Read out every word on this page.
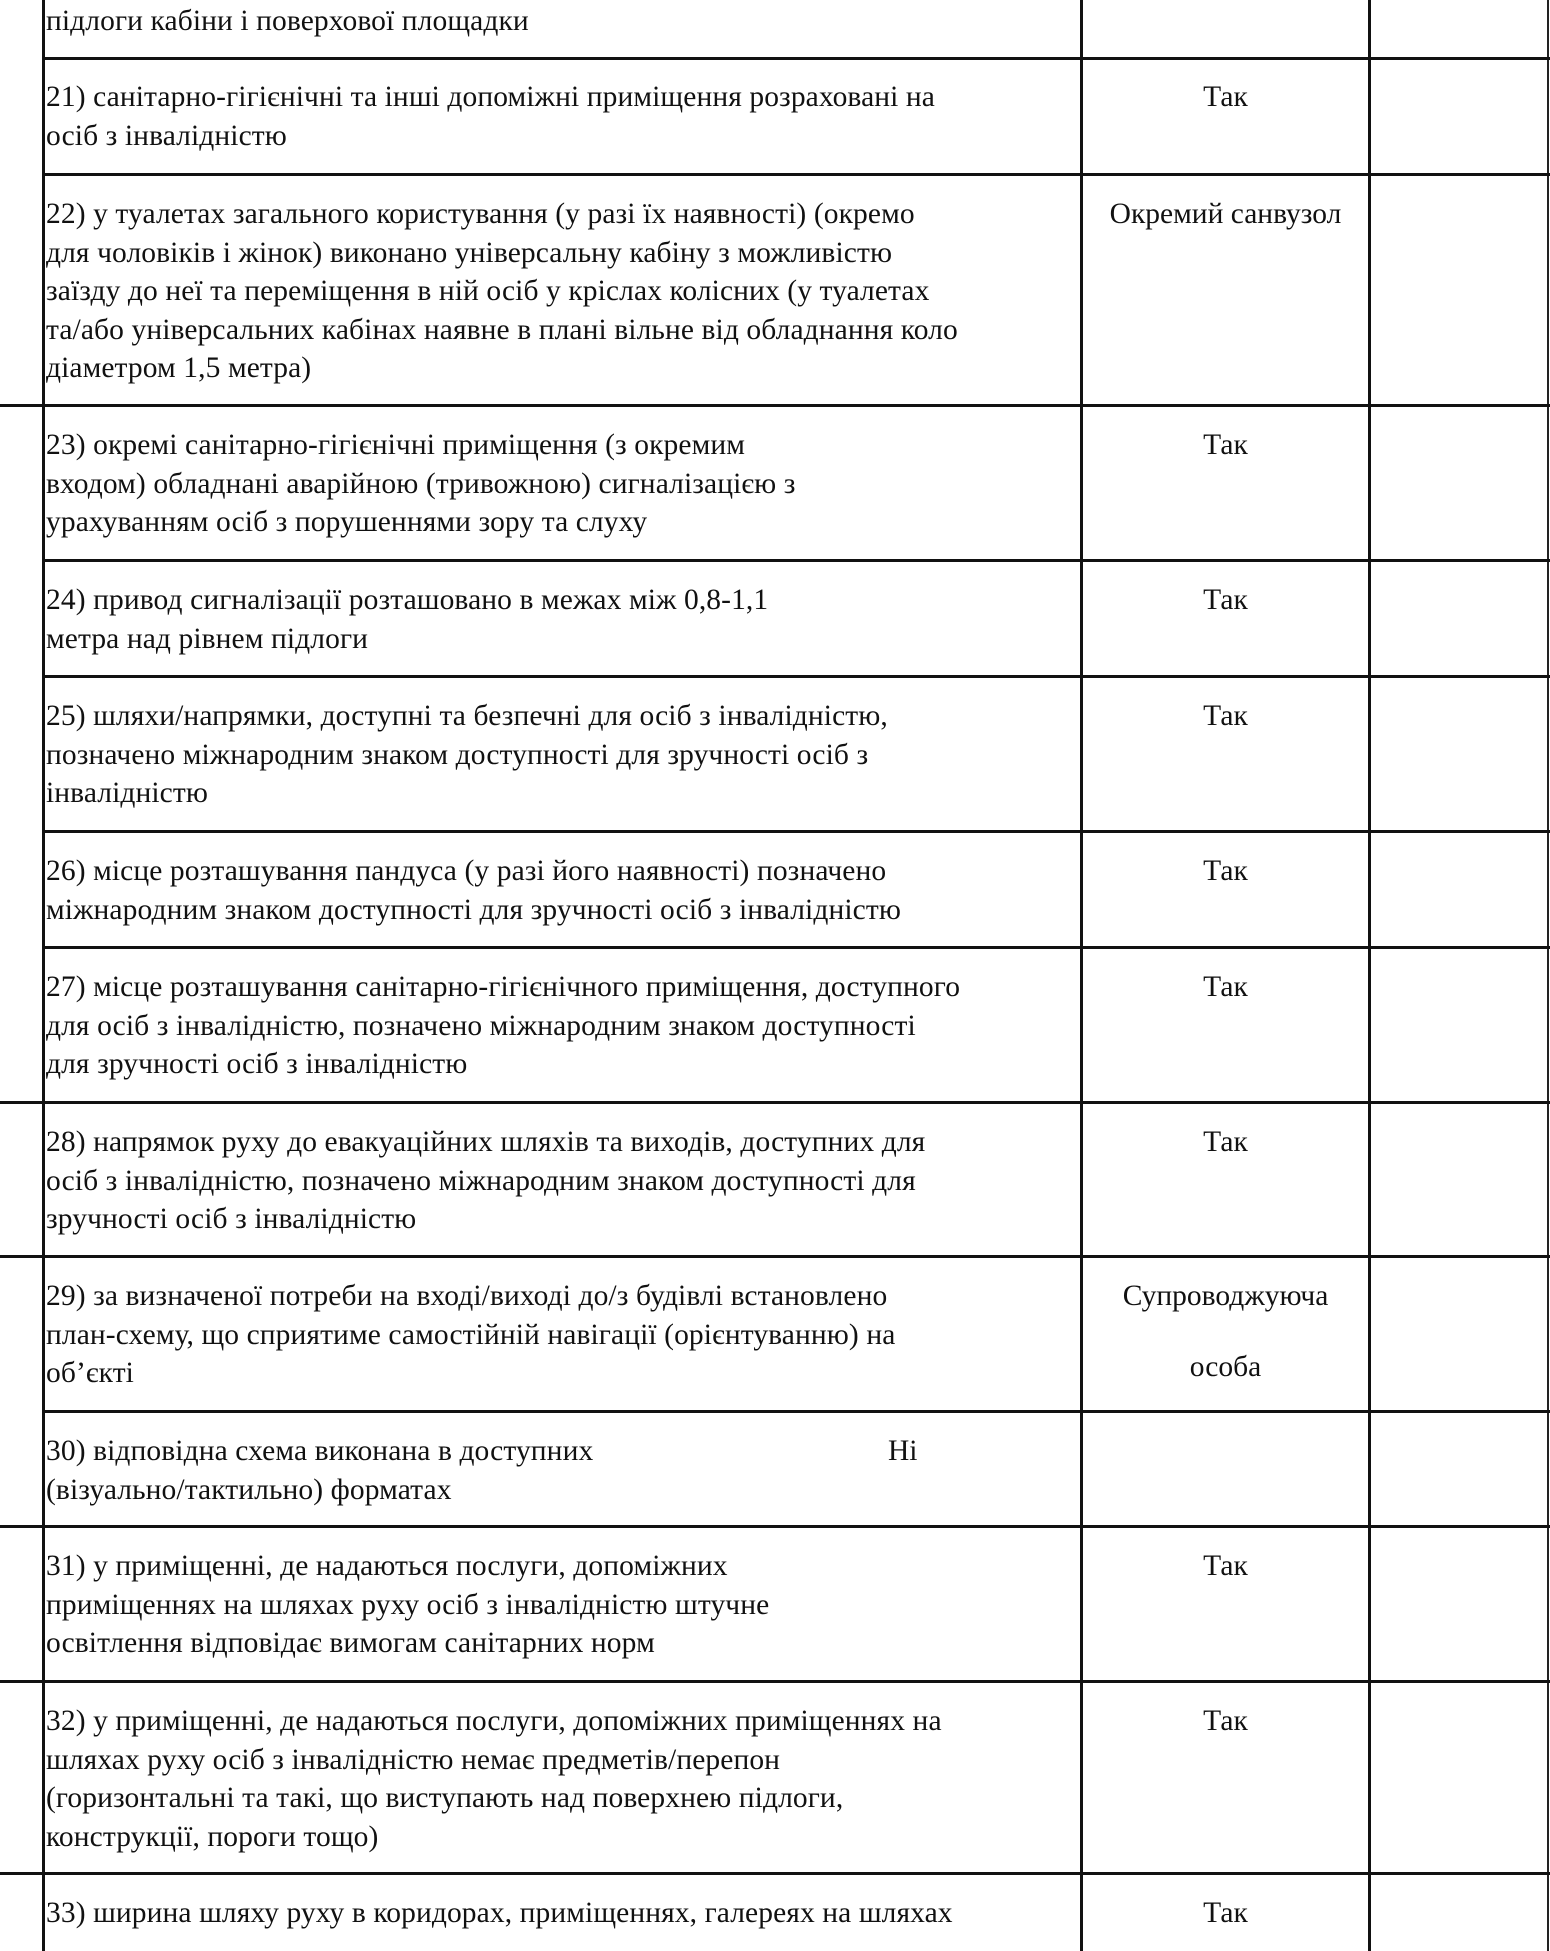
підлоги кабіни і поверхової площадки
21) санітарно-гігієнічні та інші допоміжні приміщення розраховані на
осіб з інвалідністю
Так
22) у туалетах загального користування (у разі їх наявності) (окремо
для чоловіків і жінок) виконано універсальну кабіну з можливістю
заїзду до неї та переміщення в ній осіб у кріслах колісних (у туалетах
та/або універсальних кабінах наявне в плані вільне від обладнання коло
діаметром 1,5 метра)
Окремий санвузол
23) окремі санітарно-гігієнічні приміщення (з окремим
входом) обладнані аварійною (тривожною) сигналізацією з
урахуванням осіб з порушеннями зору та слуху
Так
24) привод сигналізації розташовано в межах між 0,8-1,1
метра над рівнем підлоги
Так
25) шляхи/напрямки, доступні та безпечні для осіб з інвалідністю,
позначено міжнародним знаком доступності для зручності осіб з
інвалідністю
Так
26) місце розташування пандуса (у разі його наявності) позначено
міжнародним знаком доступності для зручності осіб з інвалідністю
Так
27) місце розташування санітарно-гігієнічного приміщення, доступного
для осіб з інвалідністю, позначено міжнародним знаком доступності
для зручності осіб з інвалідністю
Так
28) напрямок руху до евакуаційних шляхів та виходів, доступних для
осіб з інвалідністю, позначено міжнародним знаком доступності для
зручності осіб з інвалідністю
Так
29) за визначеної потреби на вході/виході до/з будівлі встановлено
план-схему, що сприятиме самостійній навігації (орієнтуванню) на
об’єкті
Супроводжуюча
особа
30) відповідна схема виконана в доступних
(візуально/тактильно) форматах
Ні
31) у приміщенні, де надаються послуги, допоміжних
приміщеннях на шляхах руху осіб з інвалідністю штучне
освітлення відповідає вимогам санітарних норм
Так
32) у приміщенні, де надаються послуги, допоміжних приміщеннях на
шляхах руху осіб з інвалідністю немає предметів/перепон
(горизонтальні та такі, що виступають над поверхнею підлоги,
конструкції, пороги тощо)
Так
33) ширина шляху руху в коридорах, приміщеннях, галереях на шляхах	Так
